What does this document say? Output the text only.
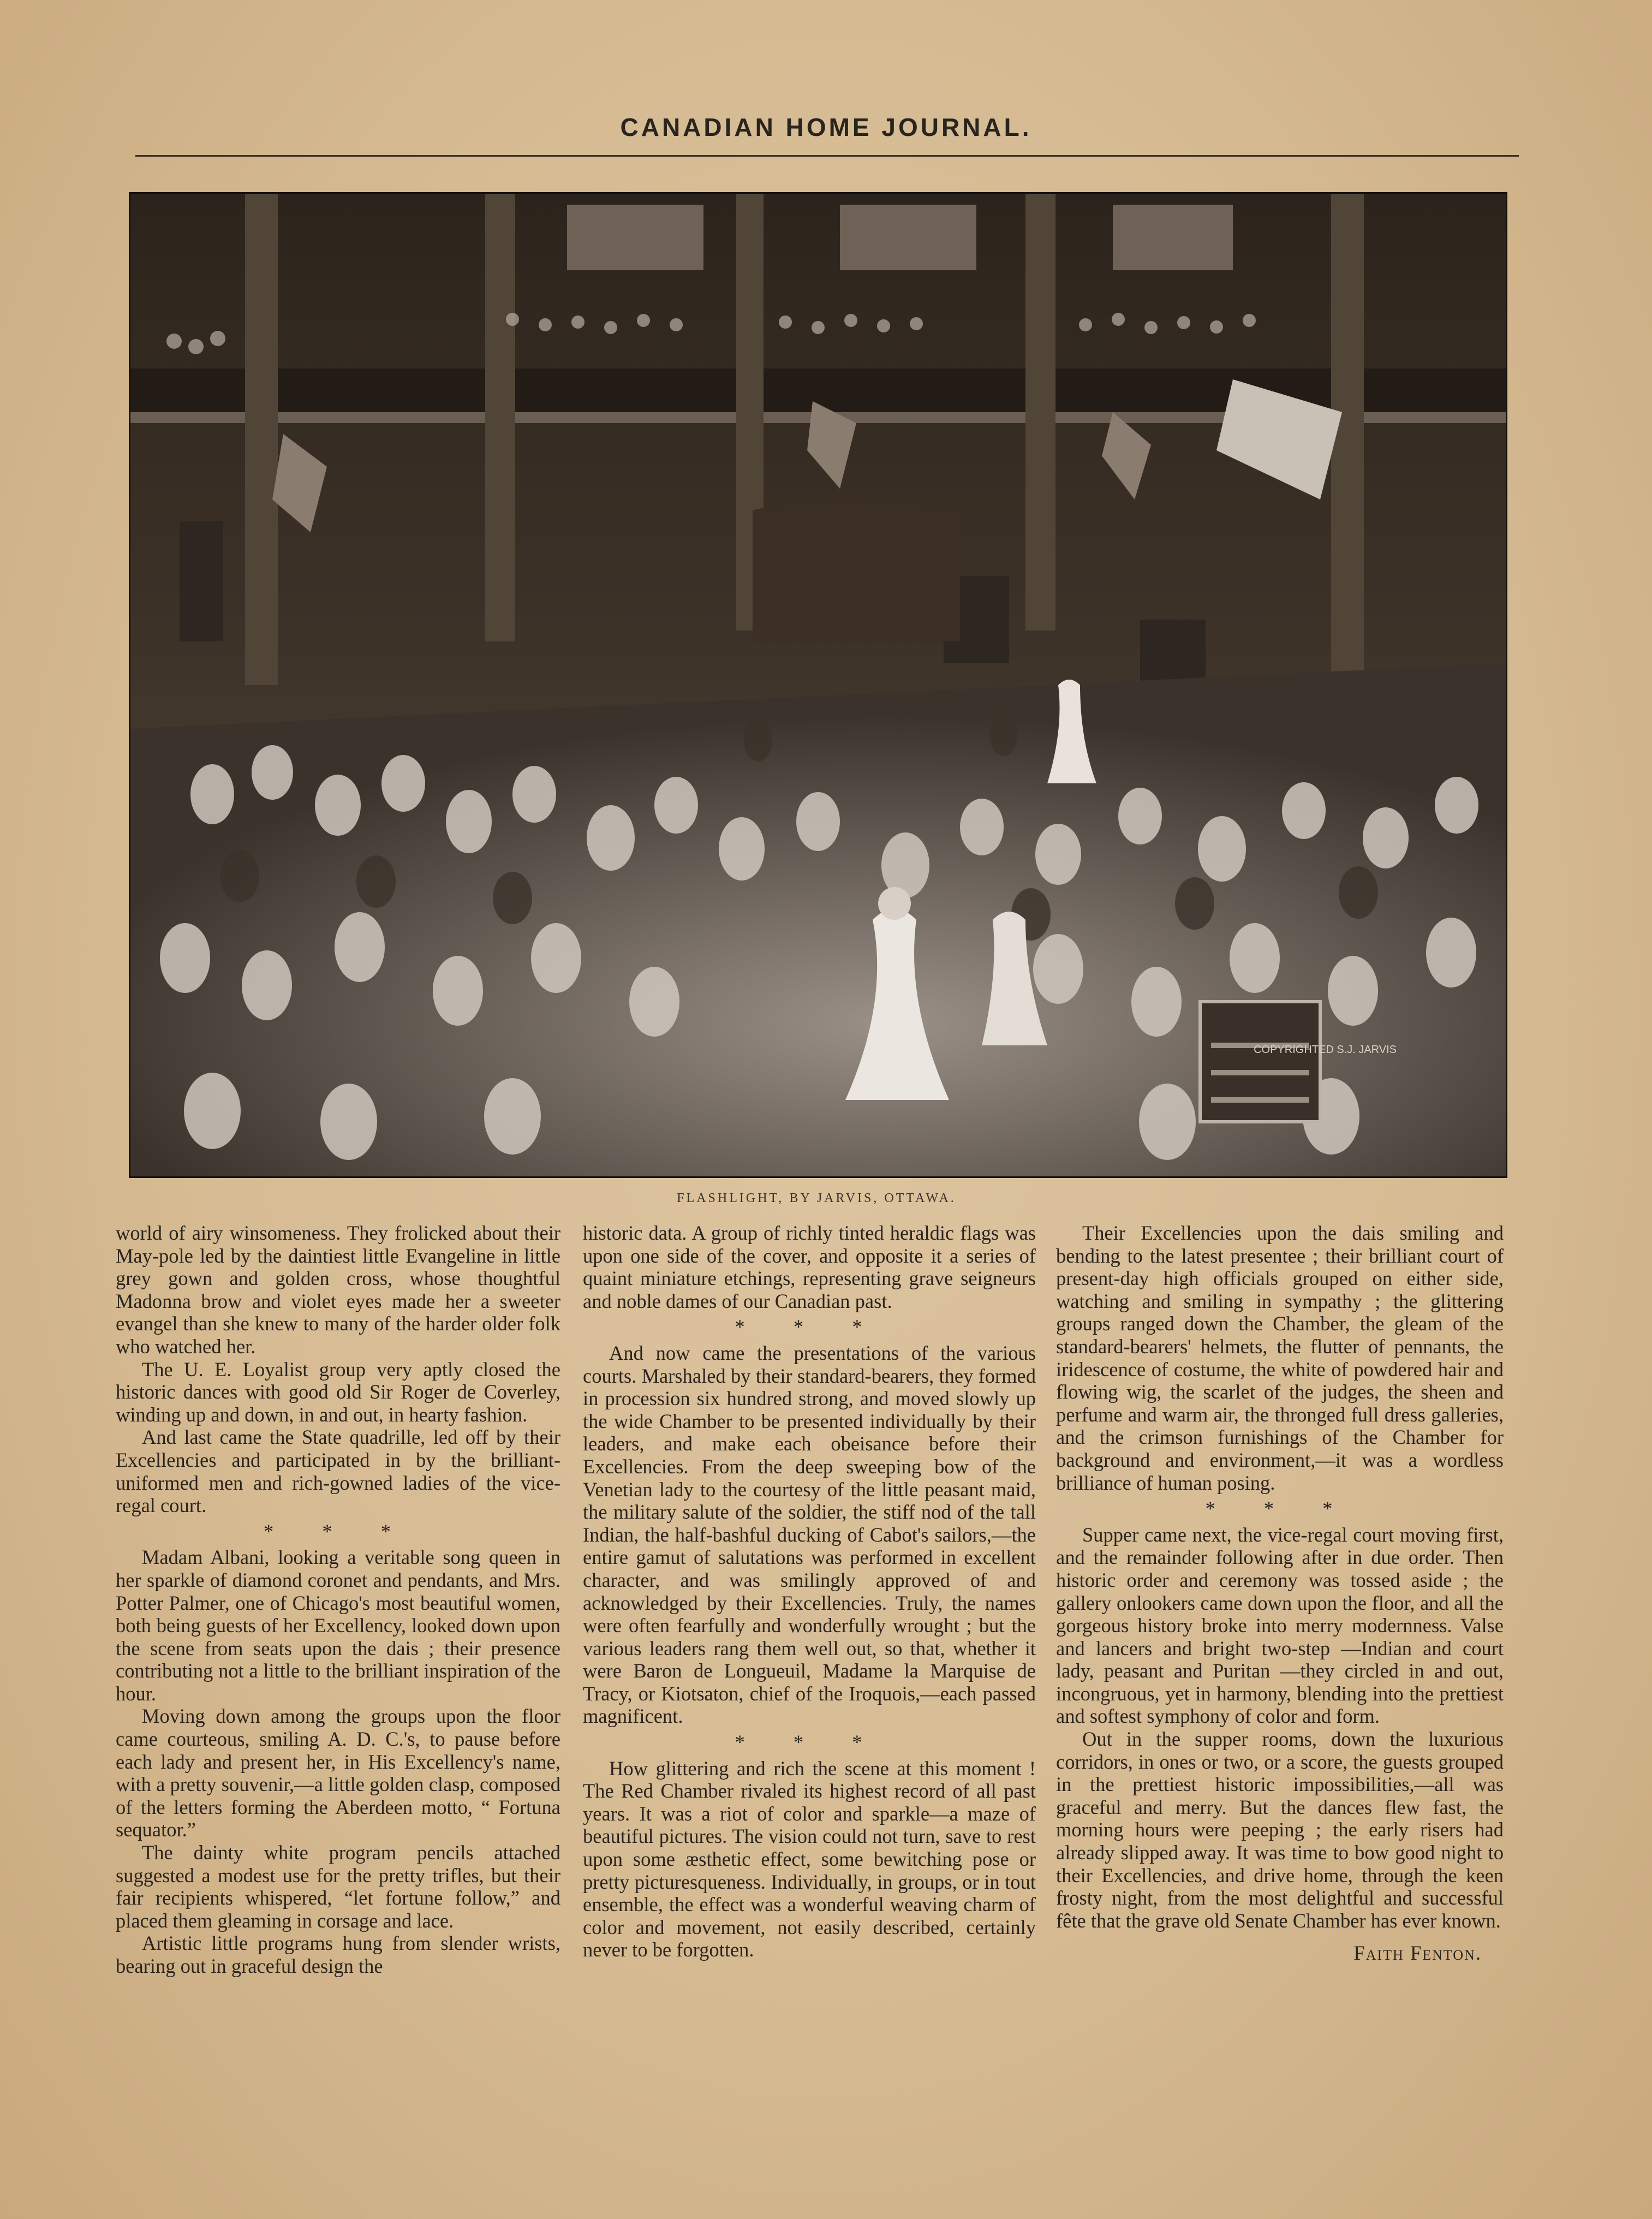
CANADIAN HOME JOURNAL.
COPYRIGHTED S.J. JARVIS
FLASHLIGHT, BY JARVIS, OTTAWA.

world of airy winsomeness. They frolicked about their May-pole led by the daintiest little Evangeline in little grey gown and golden cross, whose thoughtful Madonna brow and violet eyes made her a sweeter evangel than she knew to many of the harder older folk who watched her.

The U. E. Loyalist group very aptly closed the historic dances with good old Sir Roger de Coverley, winding up and down, in and out, in hearty fashion.

And last came the State quadrille, led off by their Excellencies and participated in by the brilliant-uniformed men and rich-gowned ladies of the vice-regal court.

* * *

Madam Albani, looking a veritable song queen in her sparkle of diamond coronet and pendants, and Mrs. Potter Palmer, one of Chicago's most beautiful women, both being guests of her Excellency, looked down upon the scene from seats upon the dais ; their presence contributing not a little to the brilliant inspiration of the hour.

Moving down among the groups upon the floor came courteous, smiling A. D. C.'s, to pause before each lady and present her, in His Excellency's name, with a pretty souvenir,—a little golden clasp, composed of the letters forming the Aberdeen motto, “ Fortuna sequator.”

The dainty white program pencils attached suggested a modest use for the pretty trifles, but their fair recipients whispered, “let fortune follow,” and placed them gleaming in corsage and lace.

Artistic little programs hung from slender wrists, bearing out in graceful design the

historic data. A group of richly tinted heraldic flags was upon one side of the cover, and opposite it a series of quaint miniature etchings, representing grave seigneurs and noble dames of our Canadian past.

* * *

And now came the presentations of the various courts. Marshaled by their standard-bearers, they formed in procession six hundred strong, and moved slowly up the wide Chamber to be presented individually by their leaders, and make each obeisance before their Excellencies. From the deep sweeping bow of the Venetian lady to the courtesy of the little peasant maid, the military salute of the soldier, the stiff nod of the tall Indian, the half-bashful ducking of Cabot's sailors,—the entire gamut of salutations was performed in excellent character, and was smilingly approved of and acknowledged by their Excellencies. Truly, the names were often fearfully and wonderfully wrought ; but the various leaders rang them well out, so that, whether it were Baron de Longueuil, Madame la Marquise de Tracy, or Kiotsaton, chief of the Iroquois,—each passed magnificent.

* * *

How glittering and rich the scene at this moment ! The Red Chamber rivaled its highest record of all past years. It was a riot of color and sparkle—a maze of beautiful pictures. The vision could not turn, save to rest upon some æsthetic effect, some bewitching pose or pretty picturesqueness. Individually, in groups, or in tout ensemble, the effect was a wonderful weaving charm of color and movement, not easily described, certainly never to be forgotten.

Their Excellencies upon the dais smiling and bending to the latest presentee ; their brilliant court of present-day high officials grouped on either side, watching and smiling in sympathy ; the glittering groups ranged down the Chamber, the gleam of the standard-bearers' helmets, the flutter of pennants, the iridescence of costume, the white of powdered hair and flowing wig, the scarlet of the judges, the sheen and perfume and warm air, the thronged full dress galleries, and the crimson furnishings of the Chamber for background and environment,—it was a wordless brilliance of human posing.

* * *

Supper came next, the vice-regal court moving first, and the remainder following after in due order. Then historic order and ceremony was tossed aside ; the gallery onlookers came down upon the floor, and all the gorgeous history broke into merry modernness. Valse and lancers and bright two-step —Indian and court lady, peasant and Puritan —they circled in and out, incongruous, yet in harmony, blending into the prettiest and softest symphony of color and form.

Out in the supper rooms, down the luxurious corridors, in ones or two, or a score, the guests grouped in the prettiest historic impossibilities,—all was graceful and merry. But the dances flew fast, the morning hours were peeping ; the early risers had already slipped away. It was time to bow good night to their Excellencies, and drive home, through the keen frosty night, from the most delightful and successful fête that the grave old Senate Chamber has ever known.

Faith Fenton.
